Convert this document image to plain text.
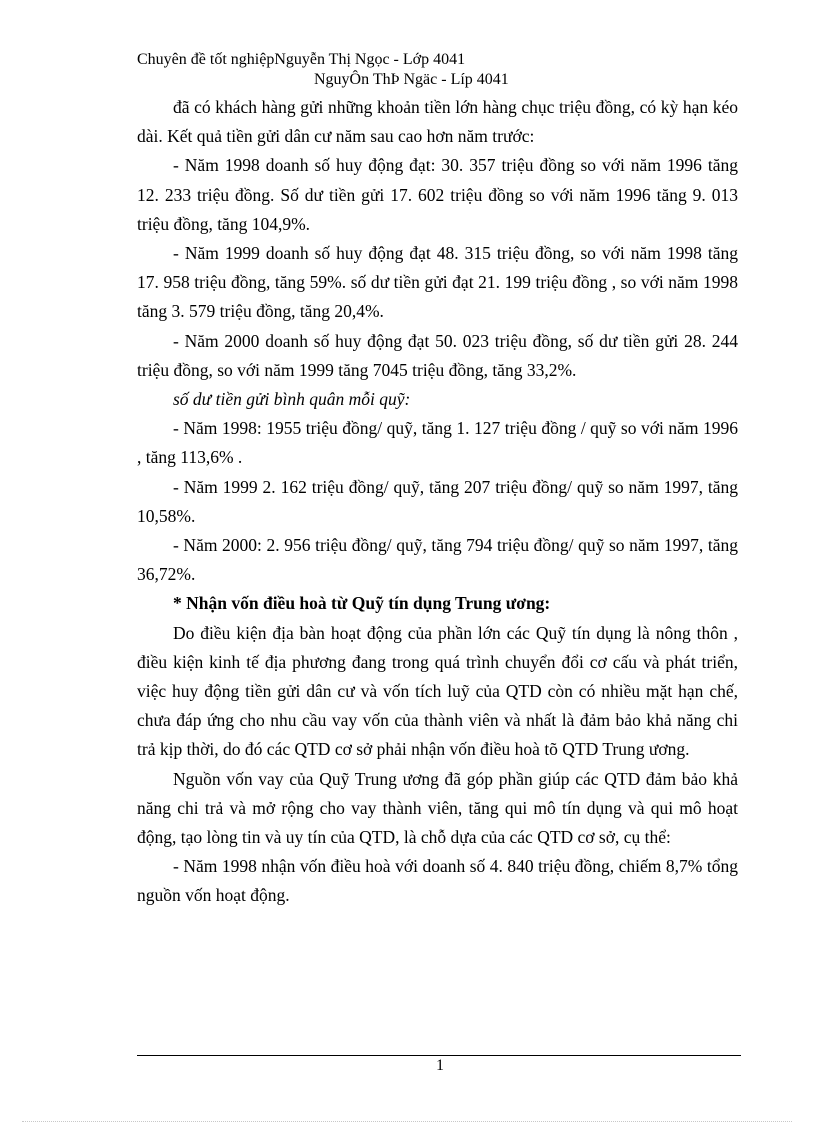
Chuyên đề tốt nghiệpNguyễn Thị Ngọc - Lớp 4041
NguyÔn ThÞ Ngäc - Líp 4041

đã có khách hàng gửi những khoản tiền lớn hàng chục triệu đồng, có kỳ hạn kéo dài. Kết quả tiền gửi dân cư năm sau cao hơn năm trước:

- Năm 1998 doanh số huy động đạt: 30. 357 triệu đồng so với năm 1996 tăng 12. 233 triệu đồng. Số dư tiền gửi 17. 602 triệu đồng so với năm 1996 tăng 9. 013 triệu đồng, tăng 104,9%.

- Năm 1999 doanh số huy động đạt 48. 315 triệu đồng, so với năm 1998 tăng 17. 958 triệu đồng, tăng 59%. số dư tiền gửi đạt 21. 199 triệu đồng , so với năm 1998 tăng 3. 579 triệu đồng, tăng 20,4%.

- Năm 2000 doanh số huy động đạt 50. 023 triệu đồng, số dư tiền gửi 28. 244 triệu đồng, so với năm 1999 tăng 7045 triệu đồng, tăng 33,2%.

số dư tiền gửi bình quân mỗi quỹ:

- Năm 1998: 1955 triệu đồng/ quỹ, tăng 1. 127 triệu đồng / quỹ so với năm 1996 , tăng 113,6% .

- Năm 1999 2. 162 triệu đồng/ quỹ, tăng 207 triệu đồng/ quỹ so năm 1997, tăng 10,58%.

- Năm 2000: 2. 956 triệu đồng/ quỹ, tăng 794 triệu đồng/ quỹ so năm 1997, tăng 36,72%.

* Nhận vốn điều hoà từ Quỹ tín dụng Trung ương:

Do điều kiện địa bàn hoạt động của phần lớn các Quỹ tín dụng là nông thôn , điều kiện kinh tế địa phương đang trong quá trình chuyển đổi cơ cấu và phát triển, việc huy động tiền gửi dân cư và vốn tích luỹ của QTD còn có nhiều mặt hạn chế, chưa đáp ứng cho nhu cầu vay vốn của thành viên và nhất là đảm bảo khả năng chi trả kịp thời, do đó các QTD cơ sở phải nhận vốn điều hoà tõ QTD Trung ương.

Nguồn vốn vay của Quỹ Trung ương đã góp phần giúp các QTD đảm bảo khả năng chi trả và mở rộng cho vay thành viên, tăng qui mô tín dụng và qui mô hoạt động, tạo lòng tin và uy tín của QTD, là chỗ dựa của các QTD cơ sở, cụ thể:

- Năm 1998 nhận vốn điều hoà với doanh số 4. 840 triệu đồng, chiếm 8,7% tổng nguồn vốn hoạt động.

1
